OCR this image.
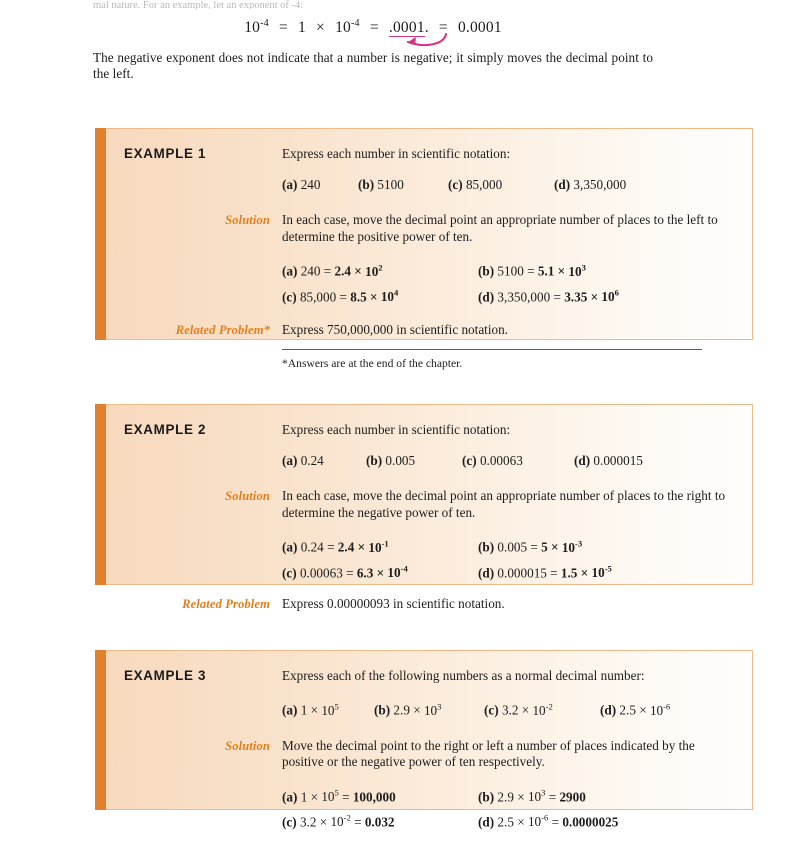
mal nature. For an example, let an exponent of -4:
$10^{-4} = 1 \times 10^{-4} = .0001$. = 0.0001
The negative exponent does not indicate that a number is negative; it simply moves the decimal point to the left.
EXAMPLE 1	Express each number in scientific notation:
(a) 240	(b) 5100	(c) 85,000	(d) 3,350,000
Solution In each case, move the decimal point an appropriate number of places to the left to determine the positive power of ten.
(a) $240 = 2.4 \times 10^2$	(b) $5100 = 5.1 \times 10^3$
(c) $85,000 = 8.5 \times 10^4$	(d) $3,350,000 = 3.35 \times 10^6$
Related Problem* Express 750,000,000 in scientific notation.
*Answers are at the end of the chapter.
EXAMPLE 2	Express each number in scientific notation:
(a) 0.24	(b) 0.005	(c) 0.00063	(d) 0.000015
Solution In each case, move the decimal point an appropriate number of places to the right to determine the negative power of ten.
(a) $0.24 = 2.4 \times 10^{-1}$	(b) $0.005 = 5 \times 10^{-3}$
(c) $0.00063 = 6.3 \times 10^{-4}$	(d) $0.000015 = 1.5 \times 10^{-5}$
Related Problem Express 0.00000093 in scientific notation.
EXAMPLE 3	Express each of the following numbers as a normal decimal number:
(a) $1 \times 10^5$	(b) $2.9 \times 10^3$	(c) $3.2 \times 10^{-2}$	(d) $2.5 \times 10^{-6}$
Solution Move the decimal point to the right or left a number of places indicated by the positive or the negative power of ten respectively.
(a) $1 \times 10^5 = 100,000$	(b) $2.9 \times 10^3 = 2900$
(c) $3.2 \times 10^{-2} = 0.032$	(d) $2.5 \times 10^{-6} = 0.0000025$
